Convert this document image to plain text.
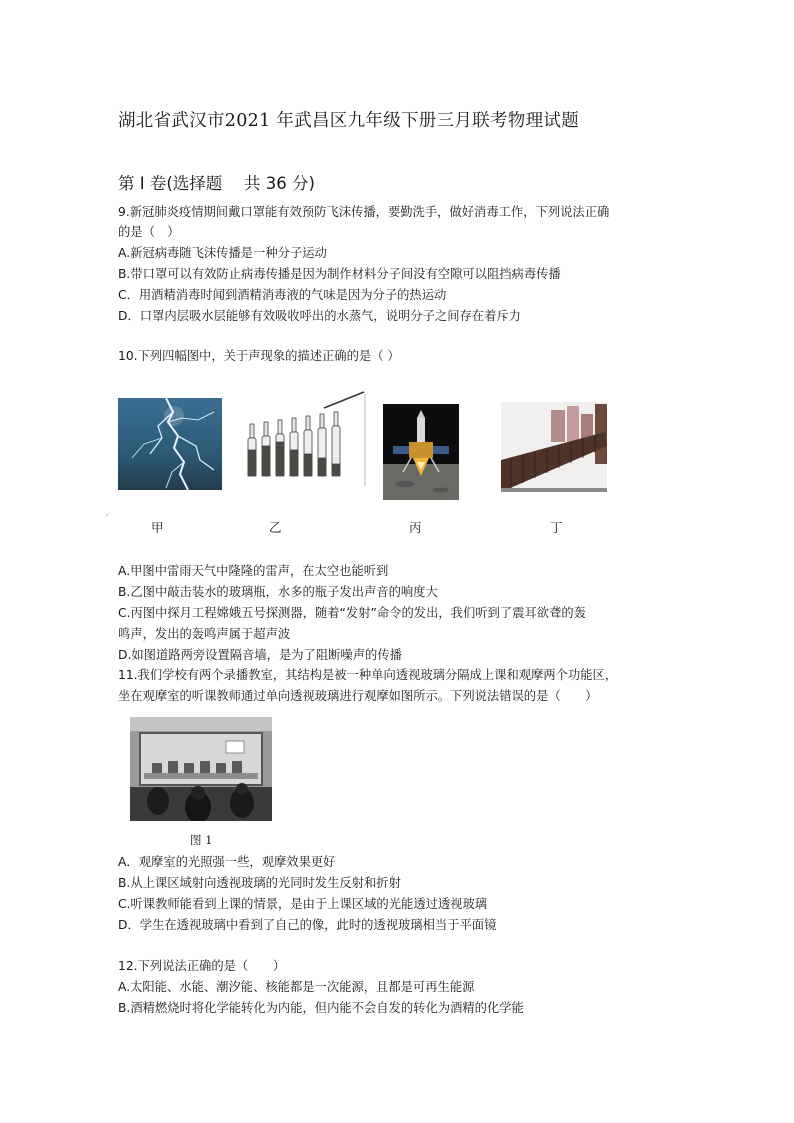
湖北省武汉市2021 年武昌区九年级下册三月联考物理试题
第 I 卷(选择题　 共 36 分)
9.新冠肺炎疫情期间戴口罩能有效预防飞沫传播，要勤洗手，做好消毒工作，下列说法正确
的是（　）
A.新冠病毒随飞沫传播是一种分子运动
B.带口罩可以有效防止病毒传播是因为制作材料分子间没有空隙可以阻挡病毒传播
C．用酒精消毒时闻到酒精消毒液的气味是因为分子的热运动
D．口罩内层吸水层能够有效吸收呼出的水蒸气，说明分子之间存在着斥力
10.下列四幅图中，关于声现象的描述正确的是（ ）
'
甲	乙	丙	丁
A.甲图中雷雨天气中隆隆的雷声，在太空也能听到
B.乙图中敲击装水的玻璃瓶，水多的瓶子发出声音的响度大
C.丙图中探月工程嫦娥五号探测器，随着“发射”命令的发出，我们听到了震耳欲聋的轰
鸣声，发出的轰鸣声属于超声波
D.如图道路两旁设置隔音墙，是为了阻断噪声的传播
11.我们学校有两个录播教室，其结构是被一种单向透视玻璃分隔成上课和观摩两个功能区，
坐在观摩室的听课教师通过单向透视玻璃进行观摩如图所示。下列说法错误的是（　　）
图 1
A．观摩室的光照强一些，观摩效果更好
B.从上课区域射向透视玻璃的光同时发生反射和折射
C.听课教师能看到上课的情景，是由于上课区域的光能透过透视玻璃
D．学生在透视玻璃中看到了自己的像，此时的透视玻璃相当于平面镜
12.下列说法正确的是（　　）
A.太阳能、水能、潮汐能、核能都是一次能源，且都是可再生能源
B.酒精燃烧时将化学能转化为内能，但内能不会自发的转化为酒精的化学能
